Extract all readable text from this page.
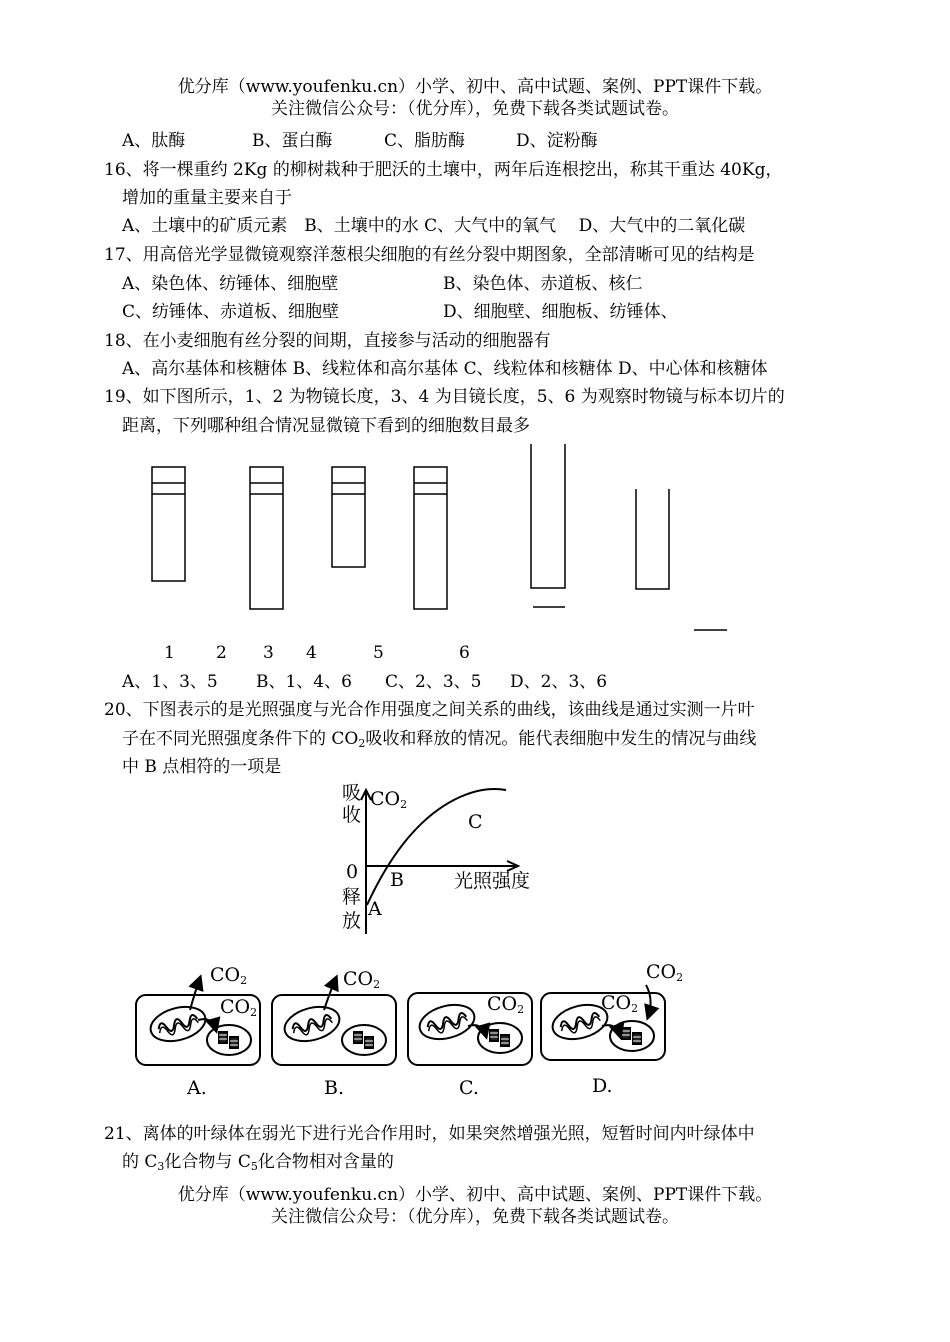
优分库（www.youfenku.cn）小学、初中、高中试题、案例、PPT课件下载。
关注微信公众号：（优分库），免费下载各类试题试卷。
A、肽酶	B、蛋白酶	C、脂肪酶	D、淀粉酶
16、将一棵重约 2Kg 的柳树栽种于肥沃的土壤中，两年后连根挖出，称其干重达 40Kg，
增加的重量主要来自于
A、土壤中的矿质元素　B、土壤中的水 C、大气中的氧气　 D、大气中的二氧化碳
17、用高倍光学显微镜观察洋葱根尖细胞的有丝分裂中期图象，全部清晰可见的结构是
A、染色体、纺锤体、细胞壁	B、染色体、赤道板、核仁
C、纺锤体、赤道板、细胞壁	D、细胞壁、细胞板、纺锤体、
18、在小麦细胞有丝分裂的间期，直接参与活动的细胞器有
A、高尔基体和核糖体 B、线粒体和高尔基体 C、线粒体和核糖体 D、中心体和核糖体
19、如下图所示，1、2 为物镜长度，3、4 为目镜长度，5、6 为观察时物镜与标本切片的
距离，下列哪种组合情况显微镜下看到的细胞数目最多
1 2 3 4	5	6
A、1、3、5 B、1、4、6 C、2、3、5 D、2、3、6
20、下图表示的是光照强度与光合作用强度之间关系的曲线，该曲线是通过实测一片叶
子在不同光照强度条件下的 $CO_2$吸收和释放的情况。能代表细胞中发生的情况与曲线
中 B 点相符的一项是
吸
收
$CO_2$
0
释
放
光照强度
A
B
C
$CO_2$
$CO_2$
$CO_2$
$CO_2$
$CO_2$
$CO_2$
A.	B.	C.	D.
21、离体的叶绿体在弱光下进行光合作用时，如果突然增强光照，短暂时间内叶绿体中
的 $C_3$化合物与 $C_5$化合物相对含量的
优分库（www.youfenku.cn）小学、初中、高中试题、案例、PPT课件下载。
关注微信公众号：（优分库），免费下载各类试题试卷。
